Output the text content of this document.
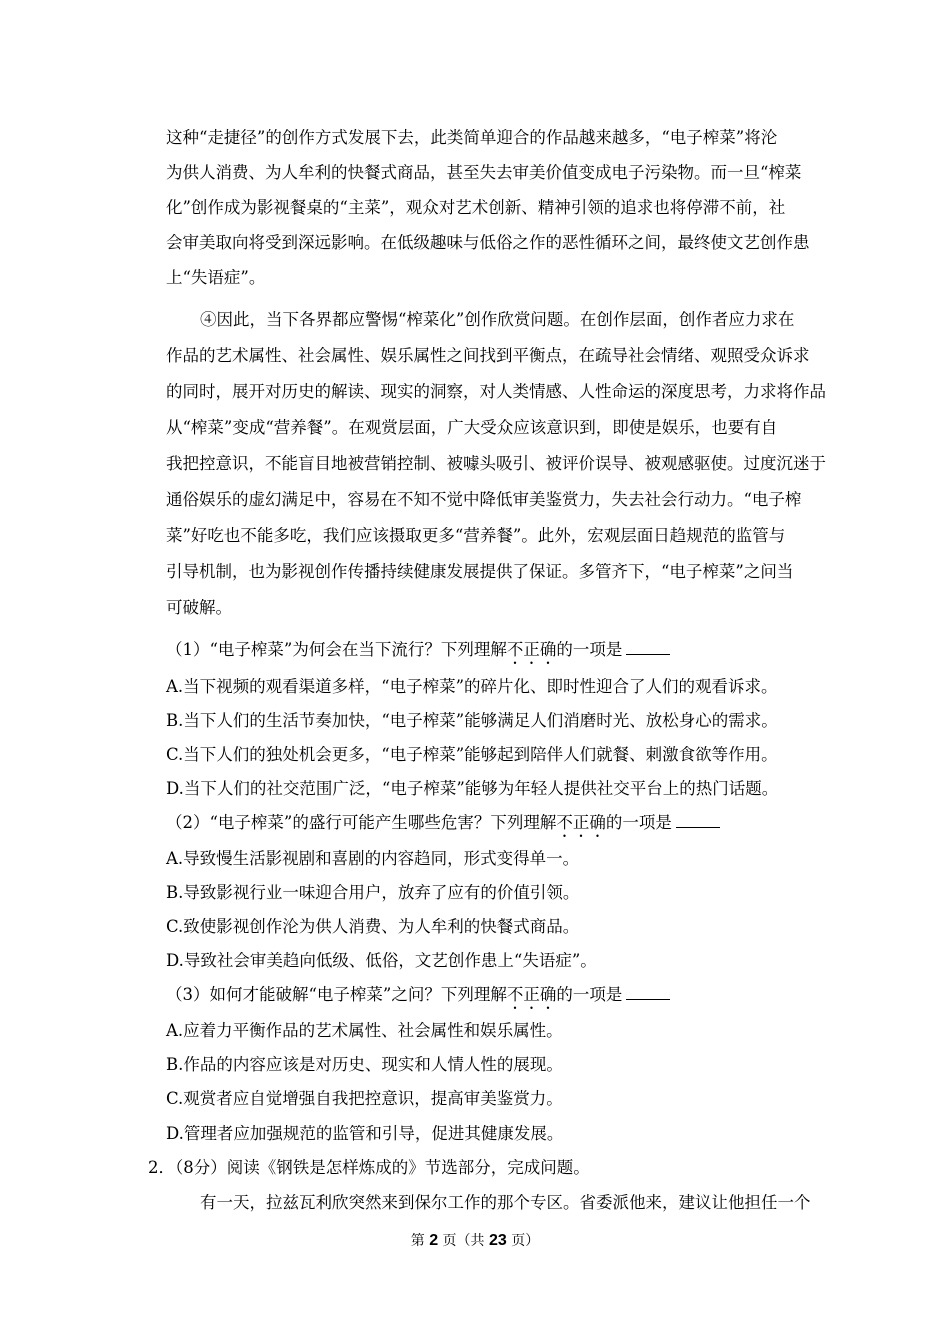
这种“走捷径”的创作方式发展下去，此类简单迎合的作品越来越多，“电子榨菜”将沦
为供人消费、为人牟利的快餐式商品，甚至失去审美价值变成电子污染物。而一旦“榨菜
化”创作成为影视餐桌的“主菜”，观众对艺术创新、精神引领的追求也将停滞不前，社
会审美取向将受到深远影响。在低级趣味与低俗之作的恶性循环之间，最终使文艺创作患
上“失语症”。
④因此，当下各界都应警惕“榨菜化”创作欣赏问题。在创作层面，创作者应力求在
作品的艺术属性、社会属性、娱乐属性之间找到平衡点，在疏导社会情绪、观照受众诉求
的同时，展开对历史的解读、现实的洞察，对人类情感、人性命运的深度思考，力求将作品
从“榨菜”变成“营养餐”。在观赏层面，广大受众应该意识到，即使是娱乐，也要有自
我把控意识，不能盲目地被营销控制、被噱头吸引、被评价误导、被观感驱使。过度沉迷于
通俗娱乐的虚幻满足中，容易在不知不觉中降低审美鉴赏力，失去社会行动力。“电子榨
菜”好吃也不能多吃，我们应该摄取更多“营养餐”。此外，宏观层面日趋规范的监管与
引导机制，也为影视创作传播持续健康发展提供了保证。多管齐下，“电子榨菜”之问当
可破解。
（1）“电子榨菜”为何会在当下流行？下列理解不正确的一项是
A.当下视频的观看渠道多样，“电子榨菜”的碎片化、即时性迎合了人们的观看诉求。
B.当下人们的生活节奏加快，“电子榨菜”能够满足人们消磨时光、放松身心的需求。
C.当下人们的独处机会更多，“电子榨菜”能够起到陪伴人们就餐、刺激食欲等作用。
D.当下人们的社交范围广泛，“电子榨菜”能够为年轻人提供社交平台上的热门话题。
（2）“电子榨菜”的盛行可能产生哪些危害？下列理解不正确的一项是
A.导致慢生活影视剧和喜剧的内容趋同，形式变得单一。
B.导致影视行业一味迎合用户，放弃了应有的价值引领。
C.致使影视创作沦为供人消费、为人牟利的快餐式商品。
D.导致社会审美趋向低级、低俗，文艺创作患上“失语症”。
（3）如何才能破解“电子榨菜”之问？下列理解不正确的一项是
A.应着力平衡作品的艺术属性、社会属性和娱乐属性。
B.作品的内容应该是对历史、现实和人情人性的展现。
C.观赏者应自觉增强自我把控意识，提高审美鉴赏力。
D.管理者应加强规范的监管和引导，促进其健康发展。
2．（8分）阅读《钢铁是怎样炼成的》节选部分，完成问题。
有一天，拉兹瓦利欣突然来到保尔工作的那个专区。省委派他来，建议让他担任一个
第 2 页（共 23 页）
